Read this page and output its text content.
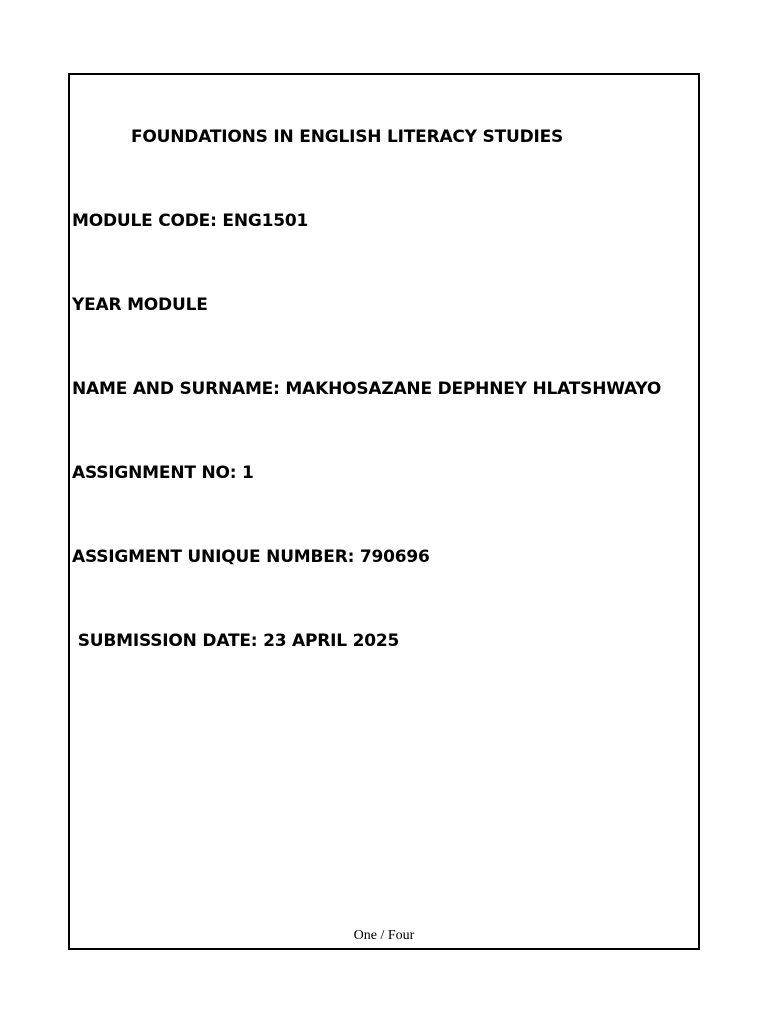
FOUNDATIONS IN ENGLISH LITERACY STUDIES
MODULE CODE: ENG1501
YEAR MODULE
NAME AND SURNAME: MAKHOSAZANE DEPHNEY HLATSHWAYO
ASSIGNMENT NO: 1
ASSIGMENT UNIQUE NUMBER: 790696
SUBMISSION DATE: 23 APRIL 2025
One / Four
